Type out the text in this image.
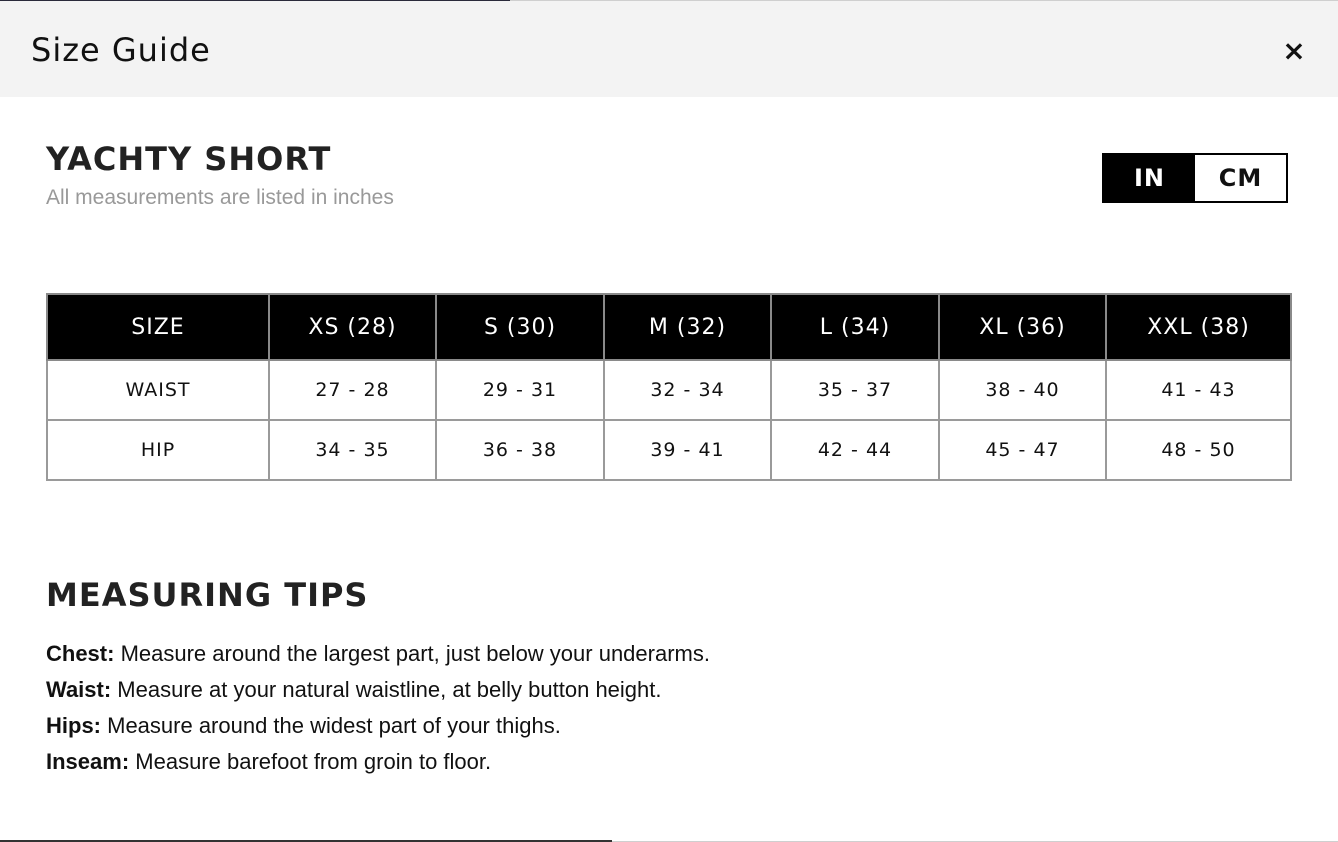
Size Guide	×
YACHTY SHORT
All measurements are listed in inches
IN	CM
SIZE	XS (28)	S (30)	M (32)	L (34)	XL (36)	XXL (38)
WAIST	27 - 28	29 - 31	32 - 34	35 - 37	38 - 40	41 - 43
HIP	34 - 35	36 - 38	39 - 41	42 - 44	45 - 47	48 - 50
MEASURING TIPS
Chest: Measure around the largest part, just below your underarms.
Waist: Measure at your natural waistline, at belly button height.
Hips: Measure around the widest part of your thighs.
Inseam: Measure barefoot from groin to floor.
